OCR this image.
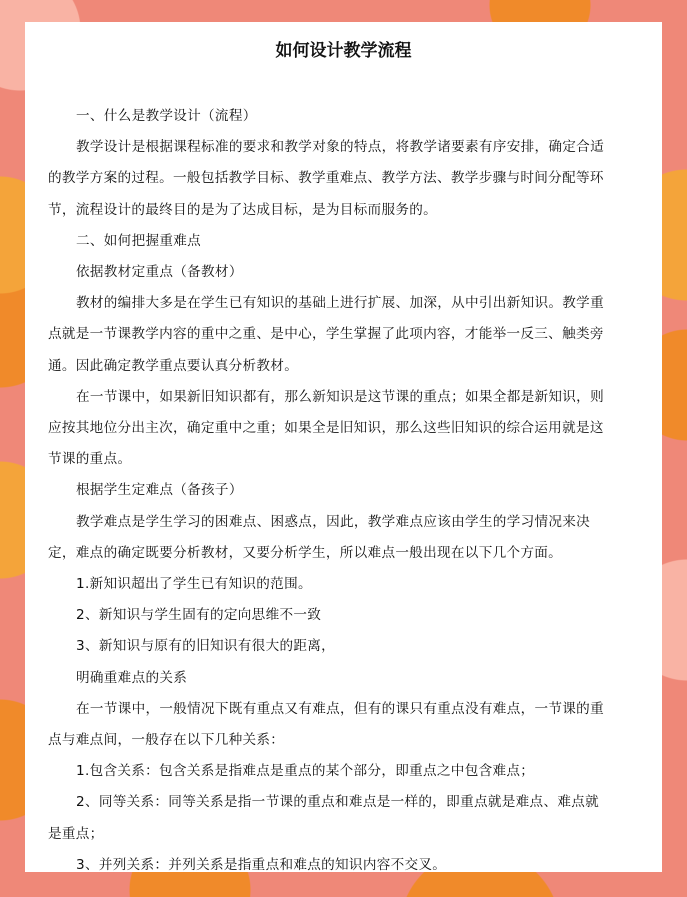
如何设计教学流程
一、什么是教学设计（流程）
教学设计是根据课程标准的要求和教学对象的特点，将教学诸要素有序安排，确定合适
的教学方案的过程。一般包括教学目标、教学重难点、教学方法、教学步骤与时间分配等环
节，流程设计的最终目的是为了达成目标，是为目标而服务的。
二、如何把握重难点
依据教材定重点（备教材）
教材的编排大多是在学生已有知识的基础上进行扩展、加深，从中引出新知识。教学重
点就是一节课教学内容的重中之重、是中心，学生掌握了此项内容，才能举一反三、触类旁
通。因此确定教学重点要认真分析教材。
在一节课中，如果新旧知识都有，那么新知识是这节课的重点；如果全都是新知识，则
应按其地位分出主次，确定重中之重；如果全是旧知识，那么这些旧知识的综合运用就是这
节课的重点。
根据学生定难点（备孩子）
教学难点是学生学习的困难点、困惑点，因此，教学难点应该由学生的学习情况来决
定，难点的确定既要分析教材，又要分析学生，所以难点一般出现在以下几个方面。
1.新知识超出了学生已有知识的范围。
2、新知识与学生固有的定向思维不一致
3、新知识与原有的旧知识有很大的距离，
明确重难点的关系
在一节课中，一般情况下既有重点又有难点，但有的课只有重点没有难点，一节课的重
点与难点间，一般存在以下几种关系：
1.包含关系：包含关系是指难点是重点的某个部分，即重点之中包含难点；
2、同等关系：同等关系是指一节课的重点和难点是一样的，即重点就是难点、难点就
是重点；
3、并列关系：并列关系是指重点和难点的知识内容不交叉。
